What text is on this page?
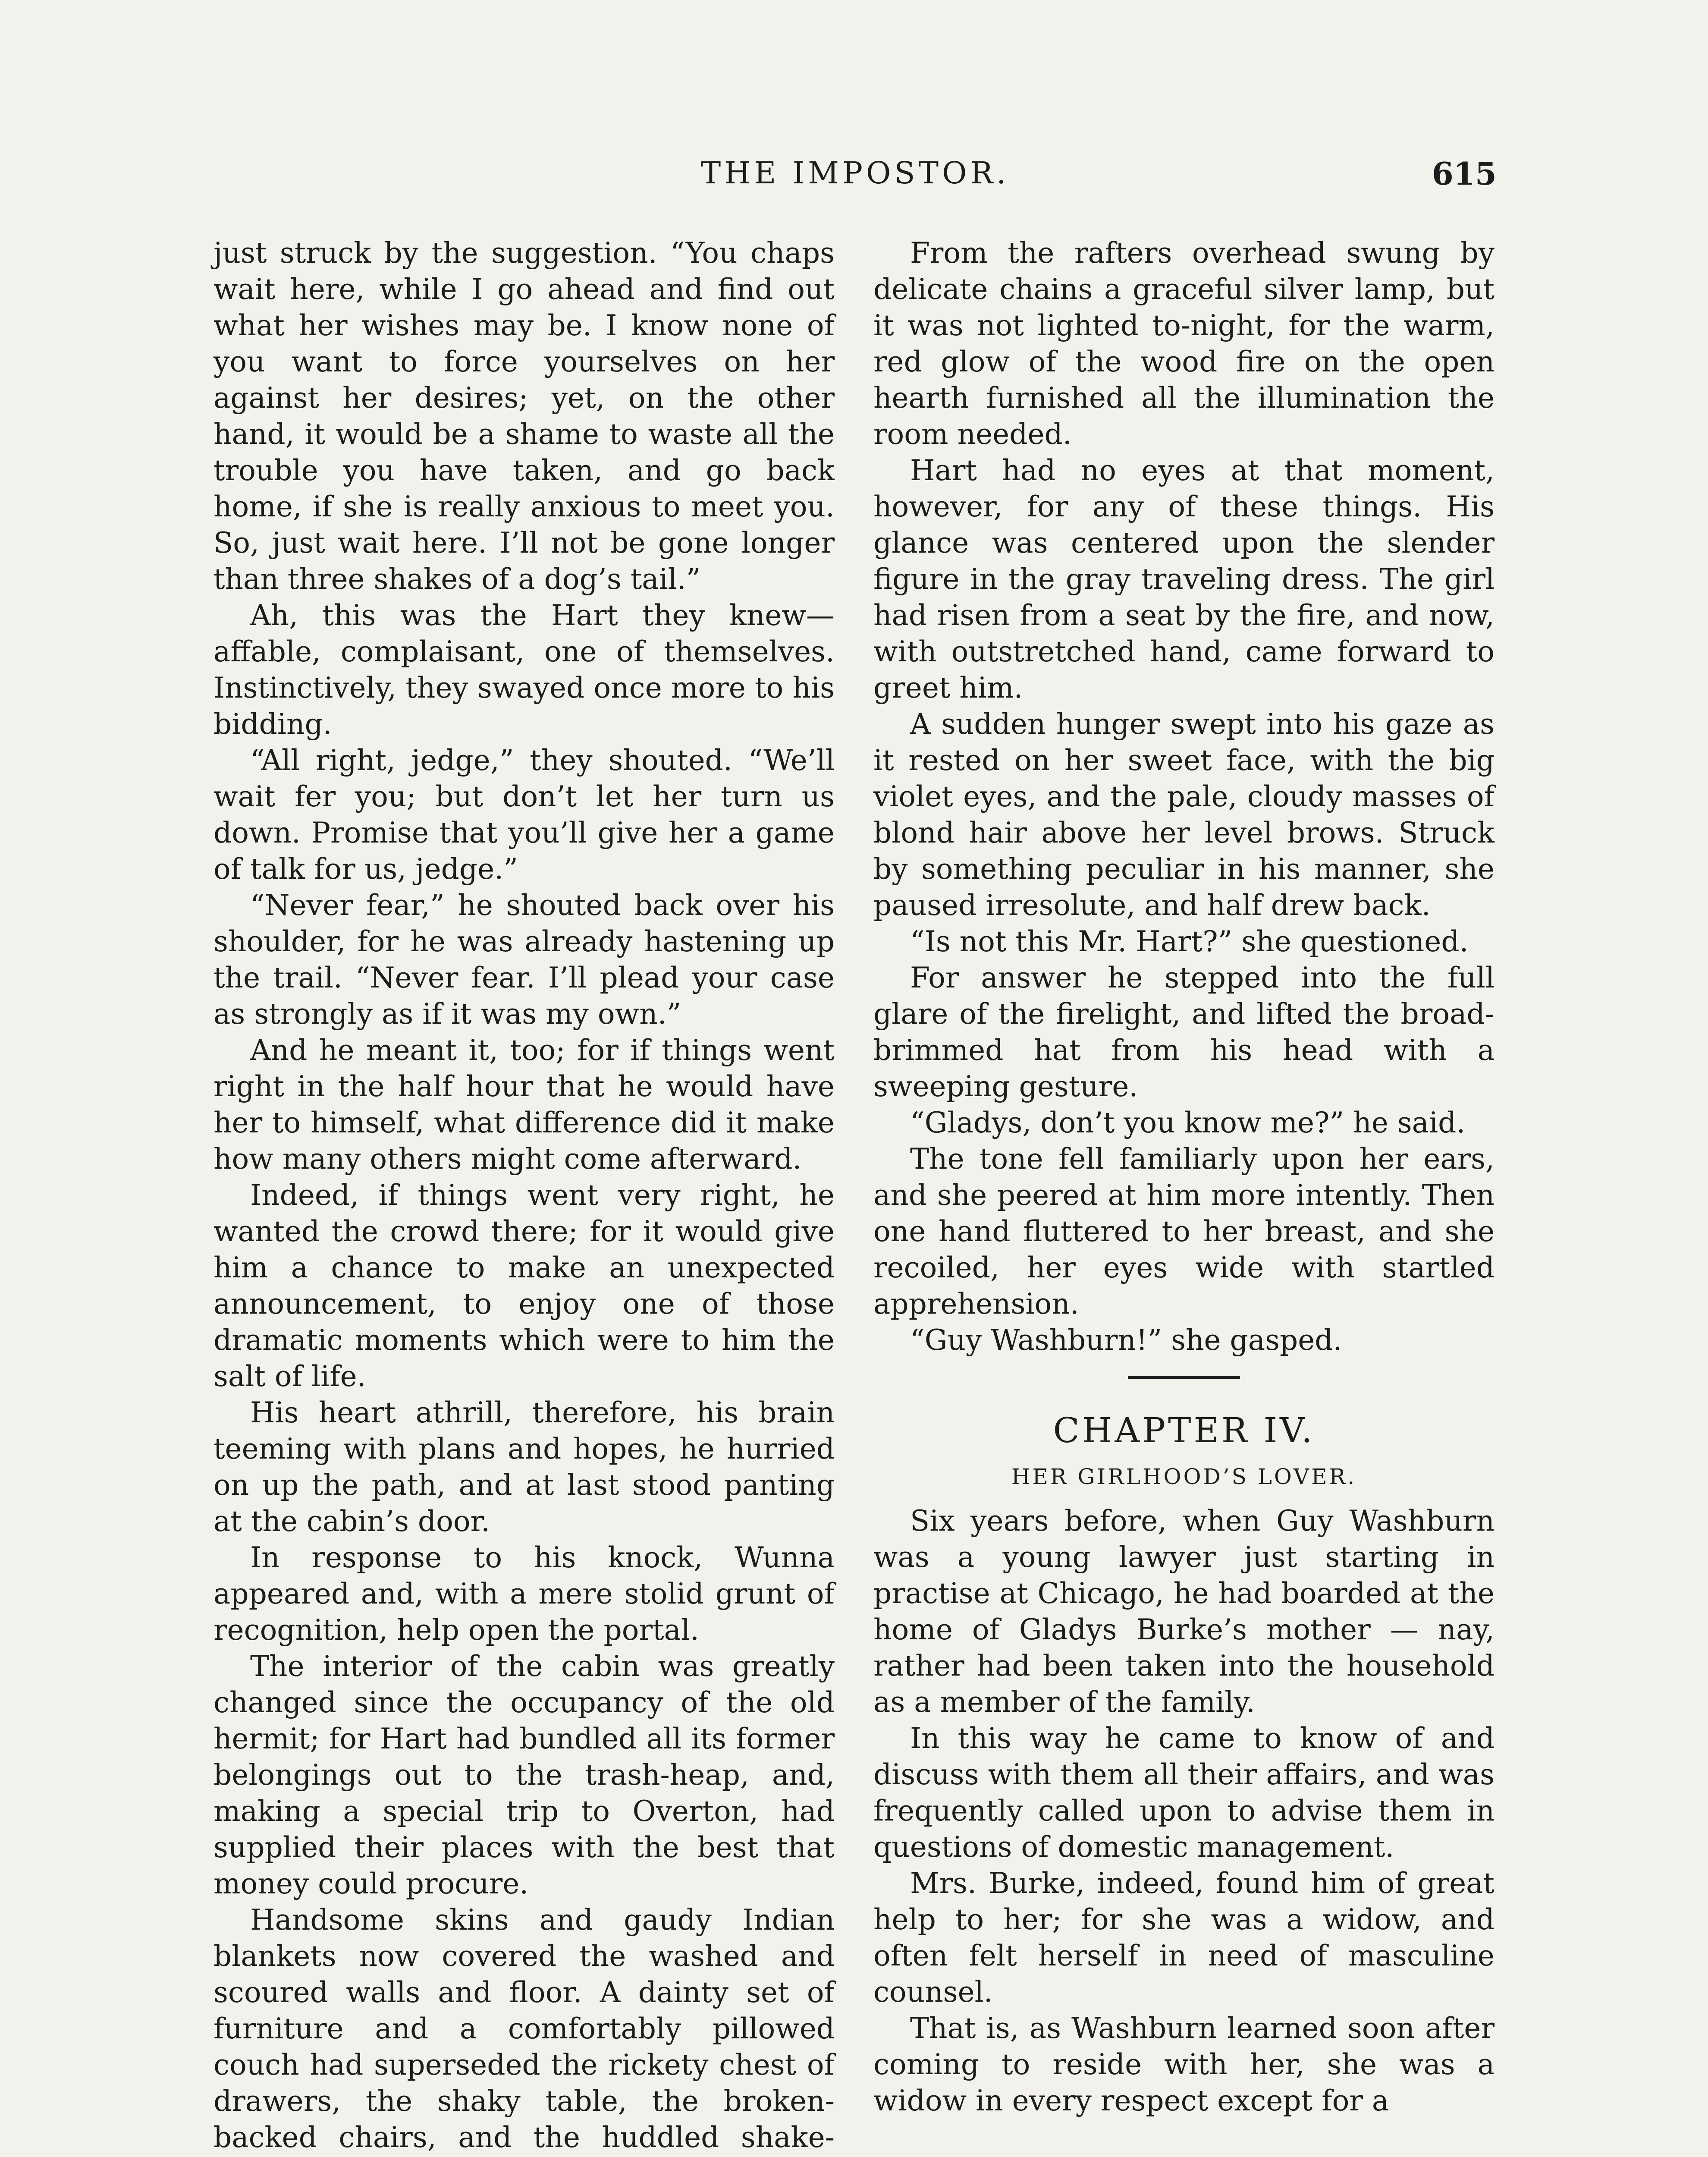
THE IMPOSTOR.	615

just struck by the suggestion. “You chaps wait here, while I go ahead and find out what her wishes may be. I know none of you want to force yourselves on her against her desires; yet, on the other hand, it would be a shame to waste all the trouble you have taken, and go back home, if she is really anxious to meet you. So, just wait here. I’ll not be gone longer than three shakes of a dog’s tail.”

Ah, this was the Hart they knew—affable, complaisant, one of themselves. Instinctively, they swayed once more to his bidding.

“All right, jedge,” they shouted. “We’ll wait fer you; but don’t let her turn us down. Promise that you’ll give her a game of talk for us, jedge.”

“Never fear,” he shouted back over his shoulder, for he was already hastening up the trail. “Never fear. I’ll plead your case as strongly as if it was my own.”

And he meant it, too; for if things went right in the half hour that he would have her to himself, what difference did it make how many others might come afterward.

Indeed, if things went very right, he wanted the crowd there; for it would give him a chance to make an unexpected announcement, to enjoy one of those dramatic moments which were to him the salt of life.

His heart athrill, therefore, his brain teeming with plans and hopes, he hurried on up the path, and at last stood panting at the cabin’s door.

In response to his knock, Wunna appeared and, with a mere stolid grunt of recognition, help open the portal.

The interior of the cabin was greatly changed since the occupancy of the old hermit; for Hart had bundled all its former belongings out to the trash-heap, and, making a special trip to Overton, had supplied their places with the best that money could procure.

Handsome skins and gaudy Indian blankets now covered the washed and scoured walls and floor. A dainty set of furniture and a comfortably pillowed couch had superseded the rickety chest of drawers, the shaky table, the broken-backed chairs, and the huddled shake-

From the rafters overhead swung by delicate chains a graceful silver lamp, but it was not lighted to-night, for the warm, red glow of the wood fire on the open hearth furnished all the illumination the room needed.

Hart had no eyes at that moment, however, for any of these things. His glance was centered upon the slender figure in the gray traveling dress. The girl had risen from a seat by the fire, and now, with outstretched hand, came forward to greet him.

A sudden hunger swept into his gaze as it rested on her sweet face, with the big violet eyes, and the pale, cloudy masses of blond hair above her level brows. Struck by something peculiar in his manner, she paused irresolute, and half drew back.

“Is not this Mr. Hart?” she questioned.

For answer he stepped into the full glare of the firelight, and lifted the broad-brimmed hat from his head with a sweeping gesture.

“Gladys, don’t you know me?” he said.

The tone fell familiarly upon her ears, and she peered at him more intently. Then one hand fluttered to her breast, and she recoiled, her eyes wide with startled apprehension.

“Guy Washburn!” she gasped.

CHAPTER IV.
HER GIRLHOOD’S LOVER.

Six years before, when Guy Washburn was a young lawyer just starting in practise at Chicago, he had boarded at the home of Gladys Burke’s mother — nay, rather had been taken into the household as a member of the family.

In this way he came to know of and discuss with them all their affairs, and was frequently called upon to advise them in questions of domestic management.

Mrs. Burke, indeed, found him of great help to her; for she was a widow, and often felt herself in need of masculine counsel.

That is, as Washburn learned soon after coming to reside with her, she was a widow in every respect except for a
